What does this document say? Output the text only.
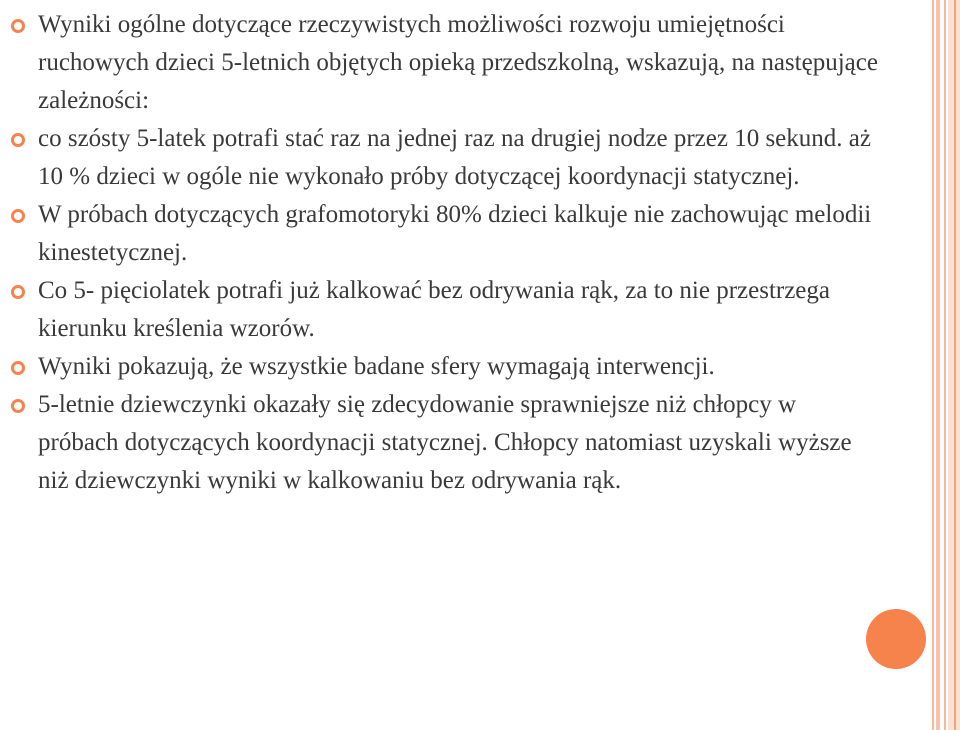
Wyniki ogólne dotyczące rzeczywistych możliwości rozwoju umiejętności ruchowych dzieci 5-letnich objętych opieką przedszkolną, wskazują, na następujące zależności:
co szósty 5-latek potrafi stać raz na jednej raz na drugiej nodze przez 10 sekund. aż 10 % dzieci w ogóle nie wykonało próby dotyczącej koordynacji statycznej.
W próbach dotyczących grafomotoryki 80% dzieci kalkuje nie zachowując melodii kinestetycznej.
Co 5- pięciolatek potrafi już kalkować bez odrywania rąk, za to nie przestrzega kierunku kreślenia wzorów.
Wyniki pokazują, że wszystkie badane sfery wymagają interwencji.
5-letnie dziewczynki okazały się zdecydowanie sprawniejsze niż chłopcy w próbach dotyczących koordynacji statycznej. Chłopcy natomiast uzyskali wyższe niż dziewczynki wyniki w kalkowaniu bez odrywania rąk.
